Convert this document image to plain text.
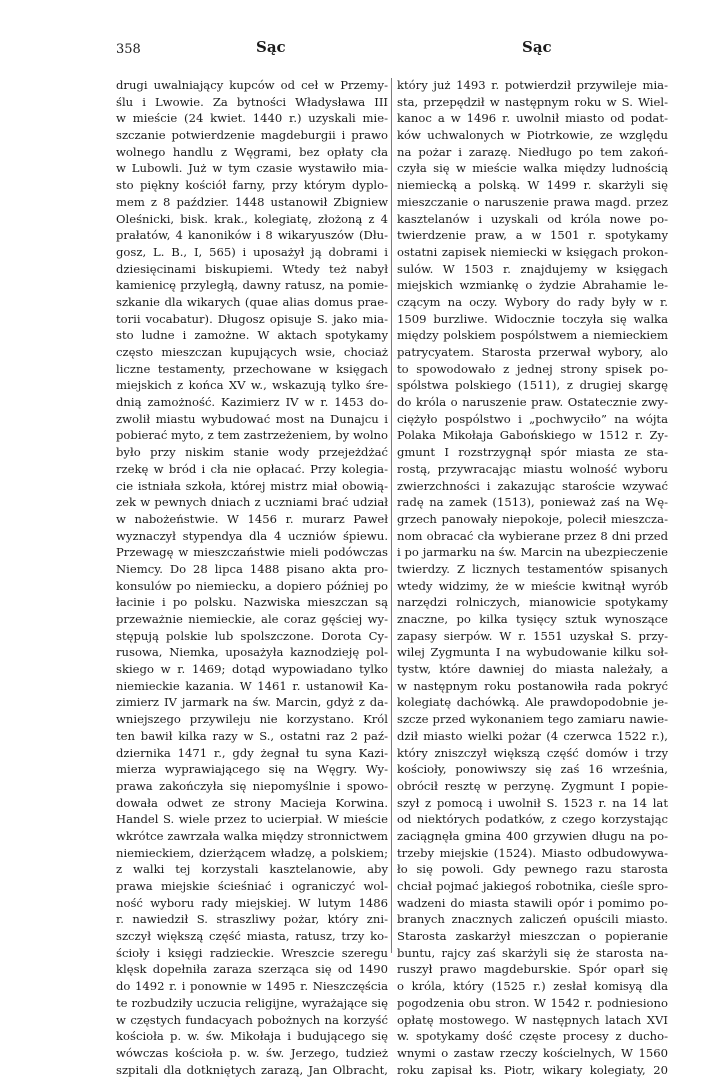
358	Sąc	Sąc
drugi uwalniający kupców od ceł w Przemy-
ślu i Lwowie. Za bytności Władysława III
w mieście (24 kwiet. 1440 r.) uzyskali mie-
szczanie potwierdzenie magdeburgii i prawo
wolnego handlu z Węgrami, bez opłaty cła
w Lubowli. Już w tym czasie wystawiło mia-
sto piękny kościół farny, przy którym dyplo-
mem z 8 paździer. 1448 ustanowił Zbigniew
Oleśnicki, bisk. krak., kolegiatę, złożoną z 4
prałatów, 4 kanoników i 8 wikaryuszów (Dłu-
gosz, L. B., I, 565) i uposażył ją dobrami i
dziesięcinami biskupiemi. Wtedy też nabył
kamienicę przyległą, dawny ratusz, na pomie-
szkanie dla wikarych (quae alias domus prae-
torii vocabatur). Długosz opisuje S. jako mia-
sto ludne i zamożne. W aktach spotykamy
często mieszczan kupujących wsie, chociaż
liczne testamenty, przechowane w księgach
miejskich z końca XV w., wskazują tylko śre-
dnią zamożność. Kazimierz IV w r. 1453 do-
zwolił miastu wybudować most na Dunajcu i
pobierać myto, z tem zastrzeżeniem, by wolno
było przy niskim stanie wody przejeżdżać
rzekę w bród i cła nie opłacać. Przy kolegia-
cie istniała szkoła, której mistrz miał obowią-
zek w pewnych dniach z uczniami brać udział
w nabożeństwie. W 1456 r. murarz Paweł
wyznaczył stypendya dla 4 uczniów śpiewu.
Przewagę w mieszczaństwie mieli podówczas
Niemcy. Do 28 lipca 1488 pisano akta pro-
konsulów po niemiecku, a dopiero później po
łacinie i po polsku. Nazwiska mieszczan są
przeważnie niemieckie, ale coraz gęściej wy-
stępują polskie lub spolszczone. Dorota Cy-
rusowa, Niemka, uposażyła kaznodzieję pol-
skiego w r. 1469; dotąd wypowiadano tylko
niemieckie kazania. W 1461 r. ustanowił Ka-
zimierz IV jarmark na św. Marcin, gdyż z da-
wniejszego przywileju nie korzystano. Król
ten bawił kilka razy w S., ostatni raz 2 paź-
dziernika 1471 r., gdy żegnał tu syna Kazi-
mierza wyprawiającego się na Węgry. Wy-
prawa zakończyła się niepomyślnie i spowo-
dowała odwet ze strony Macieja Korwina.
Handel S. wiele przez to ucierpiał. W mieście
wkrótce zawrzała walka między stronnictwem
niemieckiem, dzierżącem władzę, a polskiem;
z walki tej korzystali kasztelanowie, aby
prawa miejskie ścieśniać i ograniczyć wol-
ność wyboru rady miejskiej. W lutym 1486
r. nawiedził S. straszliwy pożar, który zni-
szczył większą część miasta, ratusz, trzy ko-
ścioły i księgi radzieckie. Wreszcie szeregu
klęsk dopełniła zaraza szerząca się od 1490
do 1492 r. i ponownie w 1495 r. Nieszczęścia
te rozbudziły uczucia religijne, wyrażające się
w częstych fundacyach pobożnych na korzyść
kościoła p. w. św. Mikołaja i budującego się
wówczas kościoła p. w. św. Jerzego, tudzież
szpitali dla dotkniętych zarazą, Jan Olbracht,
który już 1493 r. potwierdził przywileje mia-
sta, przepędził w następnym roku w S. Wiel-
kanoc a w 1496 r. uwolnił miasto od podat-
ków uchwalonych w Piotrkowie, ze względu
na pożar i zarazę. Niedługo po tem zakoń-
czyła się w mieście walka między ludnością
niemiecką a polską. W 1499 r. skarżyli się
mieszczanie o naruszenie prawa magd. przez
kasztelanów i uzyskali od króla nowe po-
twierdzenie praw, a w 1501 r. spotykamy
ostatni zapisek niemiecki w księgach prokon-
sulów. W 1503 r. znajdujemy w księgach
miejskich wzmiankę o żydzie Abrahamie le-
czącym na oczy. Wybory do rady były w r.
1509 burzliwe. Widocznie toczyła się walka
między polskiem pospólstwem a niemieckiem
patrycyatem. Starosta przerwał wybory, alo
to spowodowało z jednej strony spisek po-
spólstwa polskiego (1511), z drugiej skargę
do króla o naruszenie praw. Ostatecznie zwy-
ciężyło pospólstwo i „pochwyciło” na wójta
Polaka Mikołaja Gabońskiego w 1512 r. Zy-
gmunt I rozstrzygnął spór miasta ze sta-
rostą, przywracając miastu wolność wyboru
zwierzchności i zakazując staroście wzywać
radę na zamek (1513), ponieważ zaś na Wę-
grzech panowały niepokoje, polecił mieszcza-
nom obracać cła wybierane przez 8 dni przed
i po jarmarku na św. Marcin na ubezpieczenie
twierdzy. Z licznych testamentów spisanych
wtedy widzimy, że w mieście kwitnął wyrób
narzędzi rolniczych, mianowicie spotykamy
znaczne, po kilka tysięcy sztuk wynoszące
zapasy sierpów. W r. 1551 uzyskał S. przy-
wilej Zygmunta I na wybudowanie kilku soł-
tystw, które dawniej do miasta należały, a
w następnym roku postanowiła rada pokryć
kolegiatę dachówką. Ale prawdopodobnie je-
szcze przed wykonaniem tego zamiaru nawie-
dził miasto wielki pożar (4 czerwca 1522 r.),
który zniszczył większą część domów i trzy
kościoły, ponowiwszy się zaś 16 września,
obrócił resztę w perzynę. Zygmunt I popie-
szył z pomocą i uwolnił S. 1523 r. na 14 lat
od niektórych podatków, z czego korzystając
zaciągnęła gmina 400 grzywien długu na po-
trzeby miejskie (1524). Miasto odbudowywa-
ło się powoli. Gdy pewnego razu starosta
chciał pojmać jakiegoś robotnika, cieśle spro-
wadzeni do miasta stawili opór i pomimo po-
branych znacznych zaliczeń opuścili miasto.
Starosta zaskarżył mieszczan o popieranie
buntu, rajcy zaś skarżyli się że starosta na-
ruszył prawo magdeburskie. Spór oparł się
o króla, który (1525 r.) zesłał komisyą dla
pogodzenia obu stron. W 1542 r. podniesiono
opłatę mostowego. W następnych latach XVI
w. spotykamy dość częste procesy z ducho-
wnymi o zastaw rzeczy kościelnych, W 1560
roku zapisał ks. Piotr, wikary kolegiaty, 20
